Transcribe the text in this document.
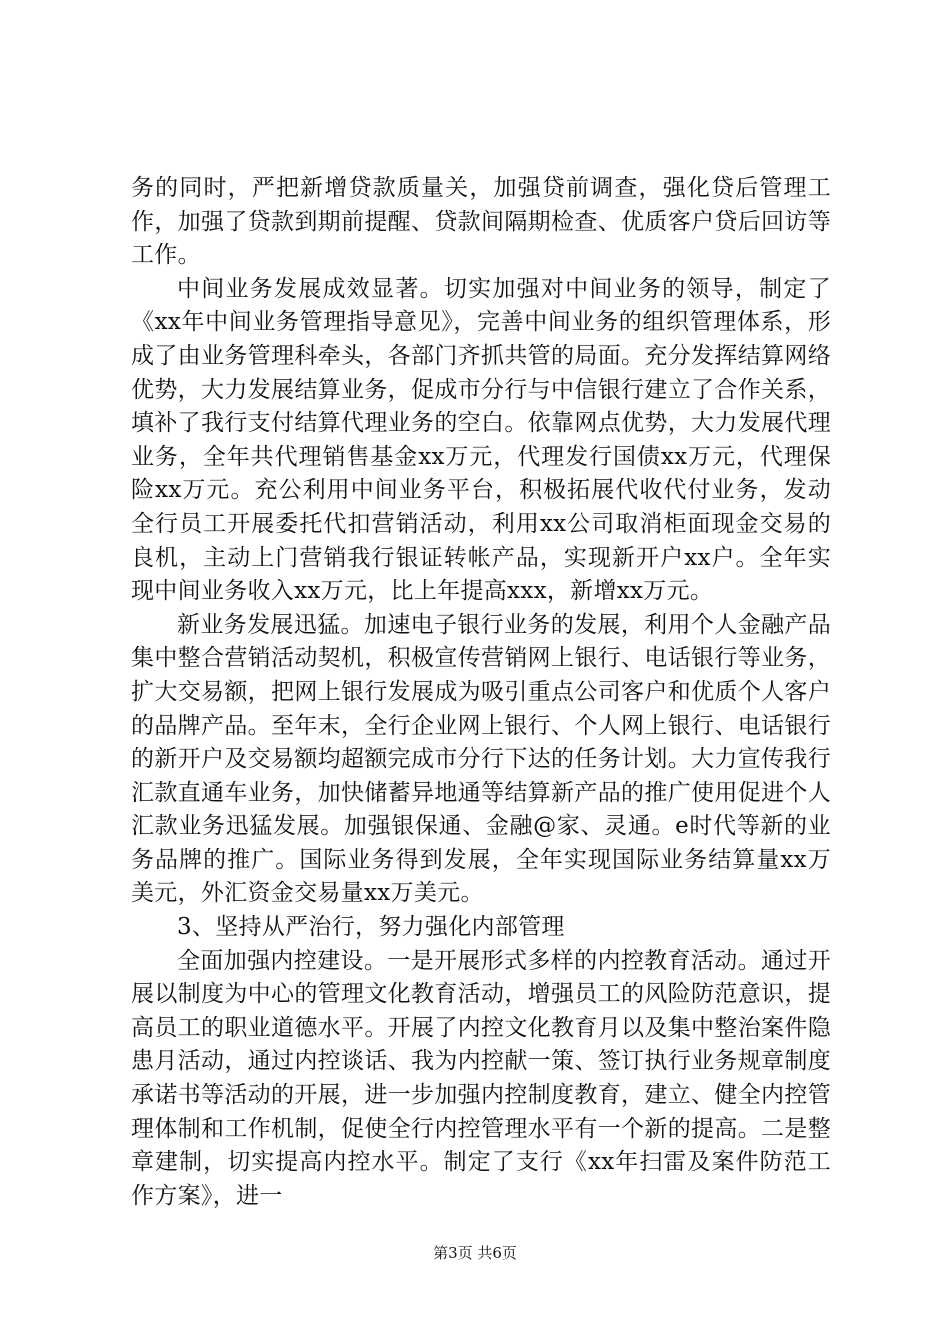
务的同时，严把新增贷款质量关，加强贷前调查，强化贷后管理工作，加强了贷款到期前提醒、贷款间隔期检查、优质客户贷后回访等工作。

中间业务发展成效显著。切实加强对中间业务的领导，制定了《xx年中间业务管理指导意见》，完善中间业务的组织管理体系，形成了由业务管理科牵头，各部门齐抓共管的局面。充分发挥结算网络优势，大力发展结算业务，促成市分行与中信银行建立了合作关系，填补了我行支付结算代理业务的空白。依靠网点优势，大力发展代理业务，全年共代理销售基金xx万元，代理发行国债xx万元，代理保险xx万元。充公利用中间业务平台，积极拓展代收代付业务，发动全行员工开展委托代扣营销活动，利用xx公司取消柜面现金交易的良机，主动上门营销我行银证转帐产品，实现新开户xx户。全年实现中间业务收入xx万元，比上年提高xxx，新增xx万元。

新业务发展迅猛。加速电子银行业务的发展，利用个人金融产品集中整合营销活动契机，积极宣传营销网上银行、电话银行等业务，扩大交易额，把网上银行发展成为吸引重点公司客户和优质个人客户的品牌产品。至年末，全行企业网上银行、个人网上银行、电话银行的新开户及交易额均超额完成市分行下达的任务计划。大力宣传我行汇款直通车业务，加快储蓄异地通等结算新产品的推广使用促进个人汇款业务迅猛发展。加强银保通、金融@家、灵通。e时代等新的业务品牌的推广。国际业务得到发展，全年实现国际业务结算量xx万美元，外汇资金交易量xx万美元。

3、坚持从严治行，努力强化内部管理

全面加强内控建设。一是开展形式多样的内控教育活动。通过开展以制度为中心的管理文化教育活动，增强员工的风险防范意识，提高员工的职业道德水平。开展了内控文化教育月以及集中整治案件隐患月活动，通过内控谈话、我为内控献一策、签订执行业务规章制度承诺书等活动的开展，进一步加强内控制度教育，建立、健全内控管理体制和工作机制，促使全行内控管理水平有一个新的提高。二是整章建制，切实提高内控水平。制定了支行《xx年扫雷及案件防范工作方案》，进一

第3页 共6页
